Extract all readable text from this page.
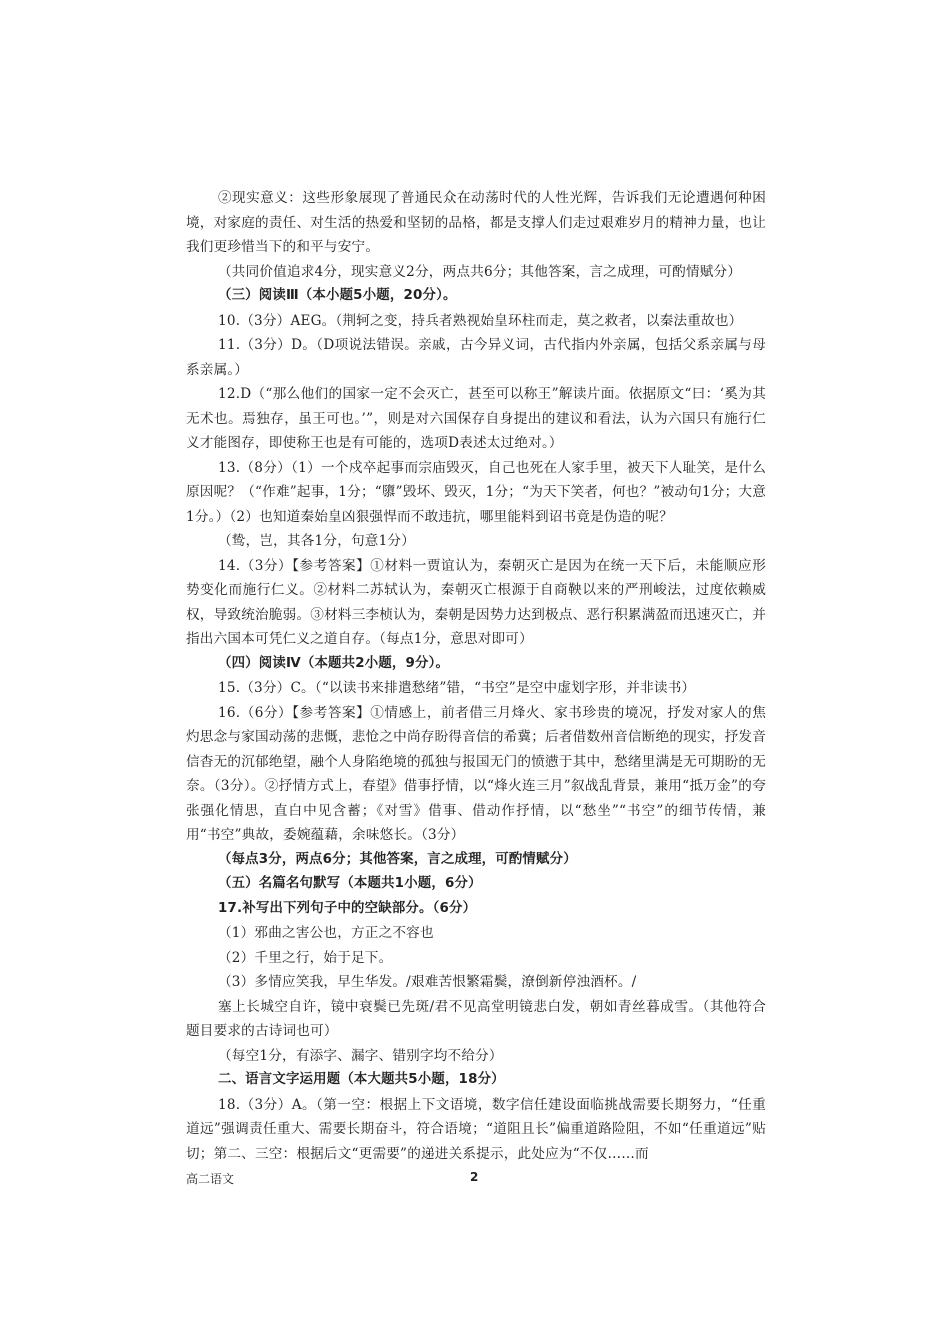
②现实意义：这些形象展现了普通民众在动荡时代的人性光辉，告诉我们无论遭遇何种困境，对家庭的责任、对生活的热爱和坚韧的品格，都是支撑人们走过艰难岁月的精神力量，也让我们更珍惜当下的和平与安宁。

（共同价值追求4分，现实意义2分，两点共6分；其他答案，言之成理，可酌情赋分）

（三）阅读Ⅲ（本小题5小题，20分）。

10.（3分）AEG。（荆轲之变，持兵者熟视始皇环柱而走，莫之救者，以秦法重故也）

11.（3分）D。（D项说法错误。亲戚，古今异义词，古代指内外亲属，包括父系亲属与母系亲属。）

12.D（“那么他们的国家一定不会灭亡，甚至可以称王”解读片面。依据原文“曰：‘奚为其无术也。焉独存，虽王可也。’”，则是对六国保存自身提出的建议和看法，认为六国只有施行仁义才能图存，即使称王也是有可能的，选项D表述太过绝对。）

13.（8分）（1）一个戍卒起事而宗庙毁灭，自己也死在人家手里，被天下人耻笑，是什么原因呢？（“作难”起事，1分；“隳”毁坏、毁灭，1分；“为天下笑者，何也？”被动句1分；大意1分。）（2）也知道秦始皇凶狠强悍而不敢违抗，哪里能料到诏书竟是伪造的呢？

（鸷，岂，其各1分，句意1分）

14.（3分）【参考答案】①材料一贾谊认为，秦朝灭亡是因为在统一天下后，未能顺应形势变化而施行仁义。②材料二苏轼认为，秦朝灭亡根源于自商鞅以来的严刑峻法，过度依赖威权，导致统治脆弱。③材料三李桢认为，秦朝是因势力达到极点、恶行积累满盈而迅速灭亡，并指出六国本可凭仁义之道自存。（每点1分，意思对即可）

（四）阅读Ⅳ（本题共2小题，9分）。

15.（3分）C。（“以读书来排遣愁绪”错，“书空”是空中虚划字形，并非读书）

16.（6分）【参考答案】①情感上，前者借三月烽火、家书珍贵的境况，抒发对家人的焦灼思念与家国动荡的悲慨，悲怆之中尚存盼得音信的希冀；后者借数州音信断绝的现实，抒发音信杳无的沉郁绝望，融个人身陷绝境的孤独与报国无门的愤懑于其中，愁绪里满是无可期盼的无奈。（3分）。②抒情方式上，春望》借事抒情，以“烽火连三月”叙战乱背景，兼用“抵万金”的夸张强化情思，直白中见含蓄；《对雪》借事、借动作抒情，以“愁坐”“书空”的细节传情，兼用“书空”典故，委婉蕴藉，余味悠长。（3分）

（每点3分，两点6分；其他答案，言之成理，可酌情赋分）

（五）名篇名句默写（本题共1小题，6分）

17.补写出下列句子中的空缺部分。（6分）

（1）邪曲之害公也，方正之不容也

（2）千里之行，始于足下。

（3）多情应笑我，早生华发。/艰难苦恨繁霜鬓，潦倒新停浊酒杯。/

塞上长城空自许，镜中衰鬓已先斑/君不见高堂明镜悲白发，朝如青丝暮成雪。（其他符合题目要求的古诗词也可）

（每空1分，有添字、漏字、错别字均不给分）

二、语言文字运用题（本大题共5小题，18分）

18.（3分）A。（第一空：根据上下文语境，数字信任建设面临挑战需要长期努力，“任重道远”强调责任重大、需要长期奋斗，符合语境；“道阻且长”偏重道路险阻，不如“任重道远”贴切；第二、三空：根据后文“更需要”的递进关系提示，此处应为“不仅……而

高二语文	2
